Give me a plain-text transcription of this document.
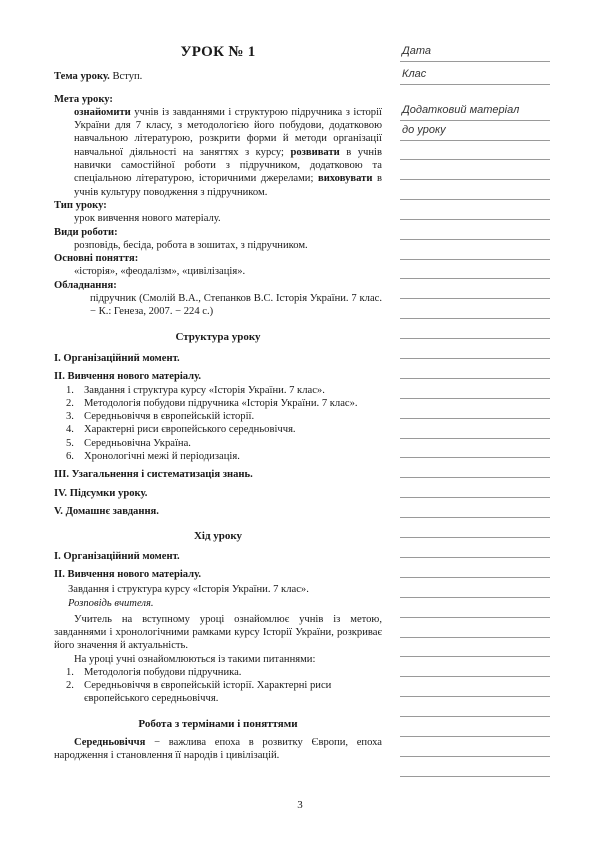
УРОК № 1

Тема уроку. Вступ.

Мета уроку:

ознайомити учнів із завданнями і структурою підручника з історії України для 7 класу, з методологією його побудови, додатковою навчальною літературою, розкрити форми й методи організації навчальної діяльності на заняттях з курсу; розвивати в учнів навички самостійної роботи з підручником, додатковою та спеціальною літературою, історичними джерелами; виховувати в учнів культуру поводження з підручником.

Тип уроку:

урок вивчення нового матеріалу.

Види роботи:

розповідь, бесіда, робота в зошитах, з підручником.

Основні поняття:

«історія», «феодалізм», «цивілізація».

Обладнання:

підручник (Смолій В.А., Степанков В.С. Історія України. 7 клас. − К.: Генеза, 2007. − 224 с.)

Структура уроку

I. Організаційний момент.

II. Вивчення нового матеріалу.

1. Завдання і структура курсу «Історія України. 7 клас».
2. Методологія побудови підручника «Історія України. 7 клас».
3. Середньовіччя в європейській історії.
4. Характерні риси європейського середньовіччя.
5. Середньовічна Україна.
6. Хронологічні межі й періодизація.

III. Узагальнення і систематизація знань.

IV. Підсумки уроку.

V. Домашнє завдання.

Хід уроку

I. Організаційний момент.

II. Вивчення нового матеріалу.

Завдання і структура курсу «Історія України. 7 клас».

Розповідь вчителя.

Учитель на вступному уроці ознайомлює учнів із метою, завданнями і хронологічними рамками курсу Історії України, розкриває його значення й актуальність.

На уроці учні ознайомлюються із такими питаннями:

1. Методологія побудови підручника.
2. Середньовіччя в європейській історії. Характерні риси європейського середньовіччя.

Робота з термінами і поняттями

Середньовіччя − важлива епоха в розвитку Європи, епоха народження і становлення її народів і цивілізацій.

Дата
Клас
Додатковий матеріал
до уроку
3
